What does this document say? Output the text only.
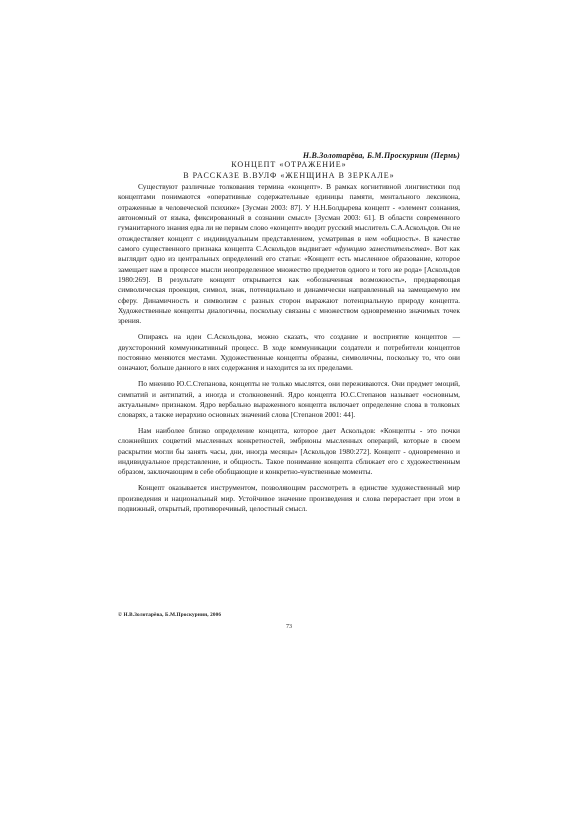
Н.В.Золотарёва, Б.М.Проскурнин (Пермь)
КОНЦЕПТ «ОТРАЖЕНИЕ»
В РАССКАЗЕ В.ВУЛФ «ЖЕНЩИНА В ЗЕРКАЛЕ»

Существуют различные толкования термина «концепт». В рамках когнитивной лингвистики под концептами понимаются «оперативные содержательные единицы памяти, ментального лексикона, отраженные в человеческой психике» [Зусман 2003: 87]. У Н.Н.Болдырева концепт - «элемент сознания, автономный от языка, фиксированный в сознании смысл» [Зусман 2003: 61]. В области современного гуманитарного знания едва ли не первым слово «концепт» вводит русский мыслитель С.А.Аскольдов. Он не отождествляет концепт с индивидуальным представлением, усматривая в нем «общность». В качестве самого существенного признака концепта С.Аскольдов выдвигает «функцию заместительства». Вот как выглядит одно из центральных определений его статьи: «Концепт есть мысленное образование, которое замещает нам в процессе мысли неопределенное множество предметов одного и того же рода» [Аскольдов 1980:269]. В результате концепт открывается как «обозначенная возможность», предваряющая символическая проекция, символ, знак, потенциально и динамически направленный на замещаемую им сферу. Динамичность и символизм с разных сторон выражают потенциальную природу концепта. Художественные концепты диалогичны, поскольку связаны с множеством одновременно значимых точек зрения.

Опираясь на идеи С.Аскольдова, можно сказать, что создание и восприятие концептов — двухсторонний коммуникативный процесс. В ходе коммуникации создатели и потребители концептов постоянно меняются местами. Художественные концепты образны, символичны, поскольку то, что они означают, больше данного в них содержания и находится за их пределами.

По мнению Ю.С.Степанова, концепты не только мыслятся, они переживаются. Они предмет эмоций, симпатий и антипатий, а иногда и столкновений. Ядро концепта Ю.С.Степанов называет «основным, актуальным» признаком. Ядро вербально выраженного концепта включает определение слова в толковых словарях, а также иерархию основных значений слова [Степанов 2001: 44].

Нам наиболее близко определение концепта, которое дает Аскольдов: «Концепты - это почки сложнейших соцветий мысленных конкретностей, эмбрионы мысленных операций, которые в своем раскрытии могли бы занять часы, дни, иногда месяцы» [Аскольдов 1980:272]. Концепт - одновременно и индивидуальное представление, и общность. Такое понимание концепта сближает его с художественным образом, заключающим в себе обобщающие и конкретно-чувственные моменты.

Концепт оказывается инструментом, позволяющим рассмотреть в единстве художественный мир произведения и национальный мир. Устойчивое значение произведения и слова перерастает при этом в подвижный, открытый, противоречивый, целостный смысл.

© Н.В.Золотарёва, Б.М.Проскурнин, 2006
73
